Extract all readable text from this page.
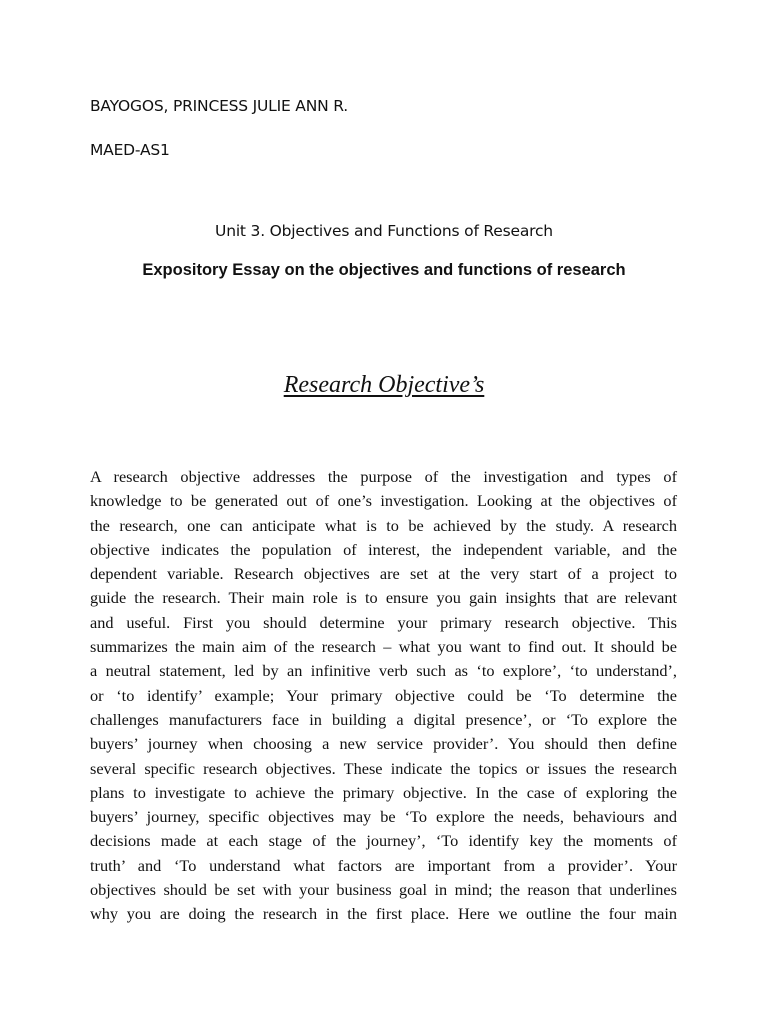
BAYOGOS, PRINCESS JULIE ANN R.
MAED-AS1
Unit 3. Objectives and Functions of Research
Expository Essay on the objectives and functions of research
Research Objective’s
A research objective addresses the purpose of the investigation and types of
knowledge to be generated out of one’s investigation. Looking at the objectives of
the research, one can anticipate what is to be achieved by the study. A research
objective indicates the population of interest, the independent variable, and the
dependent variable. Research objectives are set at the very start of a project to
guide the research. Their main role is to ensure you gain insights that are relevant
and useful. First you should determine your primary research objective. This
summarizes the main aim of the research – what you want to find out. It should be
a neutral statement, led by an infinitive verb such as ‘to explore’, ‘to understand’,
or ‘to identify’ example; Your primary objective could be ‘To determine the
challenges manufacturers face in building a digital presence’, or ‘To explore the
buyers’ journey when choosing a new service provider’. You should then define
several specific research objectives. These indicate the topics or issues the research
plans to investigate to achieve the primary objective. In the case of exploring the
buyers’ journey, specific objectives may be ‘To explore the needs, behaviours and
decisions made at each stage of the journey’, ‘To identify key the moments of
truth’ and ‘To understand what factors are important from a provider’. Your
objectives should be set with your business goal in mind; the reason that underlines
why you are doing the research in the first place. Here we outline the four main
